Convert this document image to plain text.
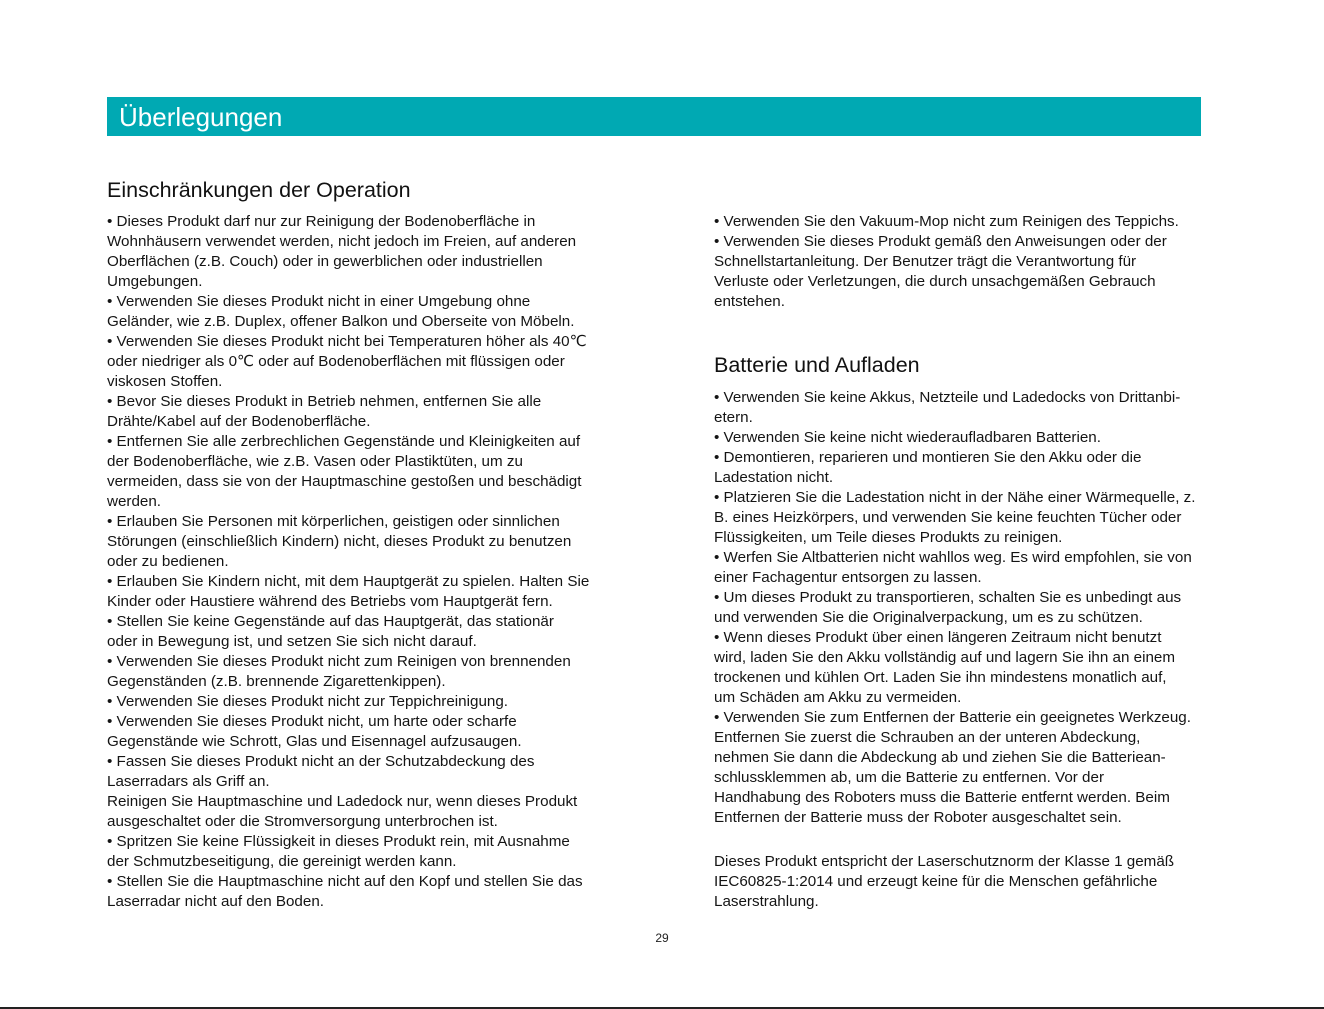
Überlegungen
Einschränkungen der Operation
• Dieses Produkt darf nur zur Reinigung der Bodenoberfläche in
Wohnhäusern verwendet werden, nicht jedoch im Freien, auf anderen
Oberflächen (z.B. Couch) oder in gewerblichen oder industriellen
Umgebungen.
• Verwenden Sie dieses Produkt nicht in einer Umgebung ohne
Geländer, wie z.B. Duplex, offener Balkon und Oberseite von Möbeln.
• Verwenden Sie dieses Produkt nicht bei Temperaturen höher als 40℃
oder niedriger als 0℃ oder auf Bodenoberflächen mit flüssigen oder
viskosen Stoffen.
• Bevor Sie dieses Produkt in Betrieb nehmen, entfernen Sie alle
Drähte/Kabel auf der Bodenoberfläche.
• Entfernen Sie alle zerbrechlichen Gegenstände und Kleinigkeiten auf
der Bodenoberfläche, wie z.B. Vasen oder Plastiktüten, um zu
vermeiden, dass sie von der Hauptmaschine gestoßen und beschädigt
werden.
• Erlauben Sie Personen mit körperlichen, geistigen oder sinnlichen
Störungen (einschließlich Kindern) nicht, dieses Produkt zu benutzen
oder zu bedienen.
• Erlauben Sie Kindern nicht, mit dem Hauptgerät zu spielen. Halten Sie
Kinder oder Haustiere während des Betriebs vom Hauptgerät fern.
• Stellen Sie keine Gegenstände auf das Hauptgerät, das stationär
oder in Bewegung ist, und setzen Sie sich nicht darauf.
• Verwenden Sie dieses Produkt nicht zum Reinigen von brennenden
Gegenständen (z.B. brennende Zigarettenkippen).
• Verwenden Sie dieses Produkt nicht zur Teppichreinigung.
• Verwenden Sie dieses Produkt nicht, um harte oder scharfe
Gegenstände wie Schrott, Glas und Eisennagel aufzusaugen.
• Fassen Sie dieses Produkt nicht an der Schutzabdeckung des
Laserradars als Griff an.
Reinigen Sie Hauptmaschine und Ladedock nur, wenn dieses Produkt
ausgeschaltet oder die Stromversorgung unterbrochen ist.
• Spritzen Sie keine Flüssigkeit in dieses Produkt rein, mit Ausnahme
der Schmutzbeseitigung, die gereinigt werden kann.
• Stellen Sie die Hauptmaschine nicht auf den Kopf und stellen Sie das
Laserradar nicht auf den Boden.
• Verwenden Sie den Vakuum-Mop nicht zum Reinigen des Teppichs.
• Verwenden Sie dieses Produkt gemäß den Anweisungen oder der
Schnellstartanleitung. Der Benutzer trägt die Verantwortung für
Verluste oder Verletzungen, die durch unsachgemäßen Gebrauch
entstehen.
Batterie und Aufladen
• Verwenden Sie keine Akkus, Netzteile und Ladedocks von Drittanbi-
etern.
• Verwenden Sie keine nicht wiederaufladbaren Batterien.
• Demontieren, reparieren und montieren Sie den Akku oder die
Ladestation nicht.
• Platzieren Sie die Ladestation nicht in der Nähe einer Wärmequelle, z.
B. eines Heizkörpers, und verwenden Sie keine feuchten Tücher oder
Flüssigkeiten, um Teile dieses Produkts zu reinigen.
• Werfen Sie Altbatterien nicht wahllos weg. Es wird empfohlen, sie von
einer Fachagentur entsorgen zu lassen.
• Um dieses Produkt zu transportieren, schalten Sie es unbedingt aus
und verwenden Sie die Originalverpackung, um es zu schützen.
• Wenn dieses Produkt über einen längeren Zeitraum nicht benutzt
wird, laden Sie den Akku vollständig auf und lagern Sie ihn an einem
trockenen und kühlen Ort. Laden Sie ihn mindestens monatlich auf,
um Schäden am Akku zu vermeiden.
• Verwenden Sie zum Entfernen der Batterie ein geeignetes Werkzeug.
Entfernen Sie zuerst die Schrauben an der unteren Abdeckung,
nehmen Sie dann die Abdeckung ab und ziehen Sie die Batteriean-
schlussklemmen ab, um die Batterie zu entfernen. Vor der
Handhabung des Roboters muss die Batterie entfernt werden. Beim
Entfernen der Batterie muss der Roboter ausgeschaltet sein.
Dieses Produkt entspricht der Laserschutznorm der Klasse 1 gemäß
IEC60825-1:2014 und erzeugt keine für die Menschen gefährliche
Laserstrahlung.
29
